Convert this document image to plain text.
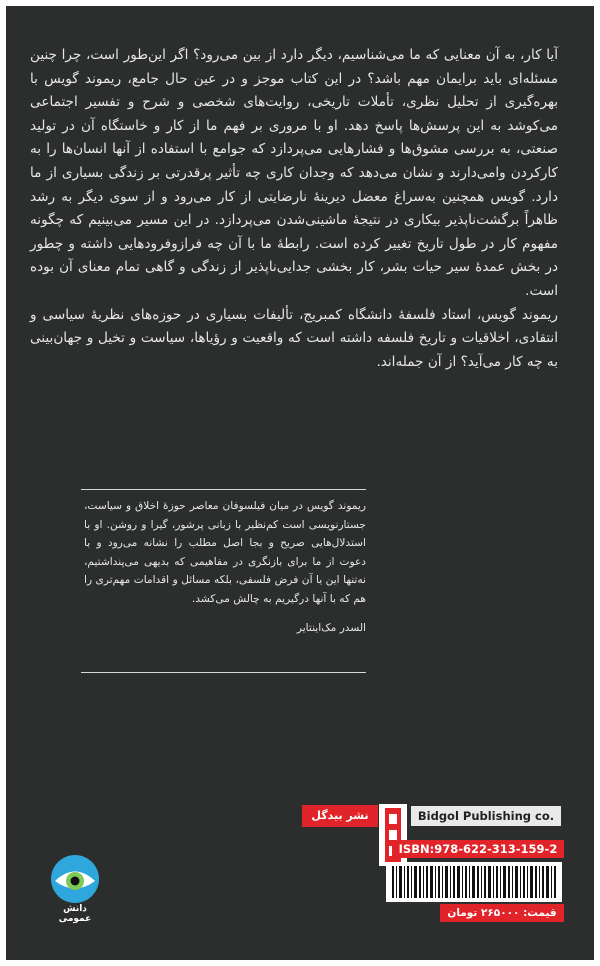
آیا کار، به آن معنایی که ما می‌شناسیم، دیگر دارد از بین می‌رود؟ اگر این‌طور است، چرا چنین مسئله‌ای باید برایمان مهم باشد؟ در این کتاب موجز و در عین حال جامع، ریموند گویس با بهره‌گیری از تحلیل نظری، تأملات تاریخی، روایت‌های شخصی و شرح و تفسیر اجتماعی می‌کوشد به این پرسش‌ها پاسخ دهد. او با مروری بر فهم ما از کار و خاستگاه آن در تولید صنعتی، به بررسی مشوق‌ها و فشارهایی می‌پردازد که جوامع با استفاده از آنها انسان‌ها را به کارکردن وامی‌دارند و نشان می‌دهد که وجدان کاری چه تأثیر پرقدرتی بر زندگی بسیاری از ما دارد. گویس همچنین به‌سراغ معضل دیرینهٔ نارضایتی از کار می‌رود و از سوی دیگر به رشد ظاهراً برگشت‌ناپذیر بیکاری در نتیجهٔ ماشینی‌شدن می‌پردازد. در این مسیر می‌بینیم که چگونه مفهوم کار در طول تاریخ تغییر کرده است. رابطهٔ ما با آن چه فرازوفرودهایی داشته و چطور در بخش عمدهٔ سیر حیات بشر، کار بخشی جدایی‌ناپذیر از زندگی و گاهی تمام معنای آن بوده است.

ریموند گویس، استاد فلسفهٔ دانشگاه کمبریج، تألیفات بسیاری در حوزه‌های نظریهٔ سیاسی و انتقادی، اخلاقیات و تاریخ فلسفه داشته است که واقعیت و رؤیاها، سیاست و تخیل و جهان‌بینی به چه کار می‌آید؟ از آن جمله‌اند.

ریموند گویس در میان فیلسوفان معاصر حوزهٔ اخلاق و سیاست، جستارنویسی است کم‌نظیر با زبانی پرشور، گیرا و روشن. او با استدلال‌هایی صریح و بجا اصل مطلب را نشانه می‌رود و با دعوت از ما برای بازنگری در مفاهیمی که بدیهی می‌پنداشتیم، نه‌تنها این یا آن فرض فلسفی، بلکه مسائل و اقدامات مهم‌تری را هم که با آنها درگیریم به چالش می‌کشد.

السدر مک‌اینتایر

دانش عمومی
نشر بیدگل	Bidgol Publishing co.
ISBN:978-622-313-159-2
قیمت: ۲۶۵۰۰۰ تومان
